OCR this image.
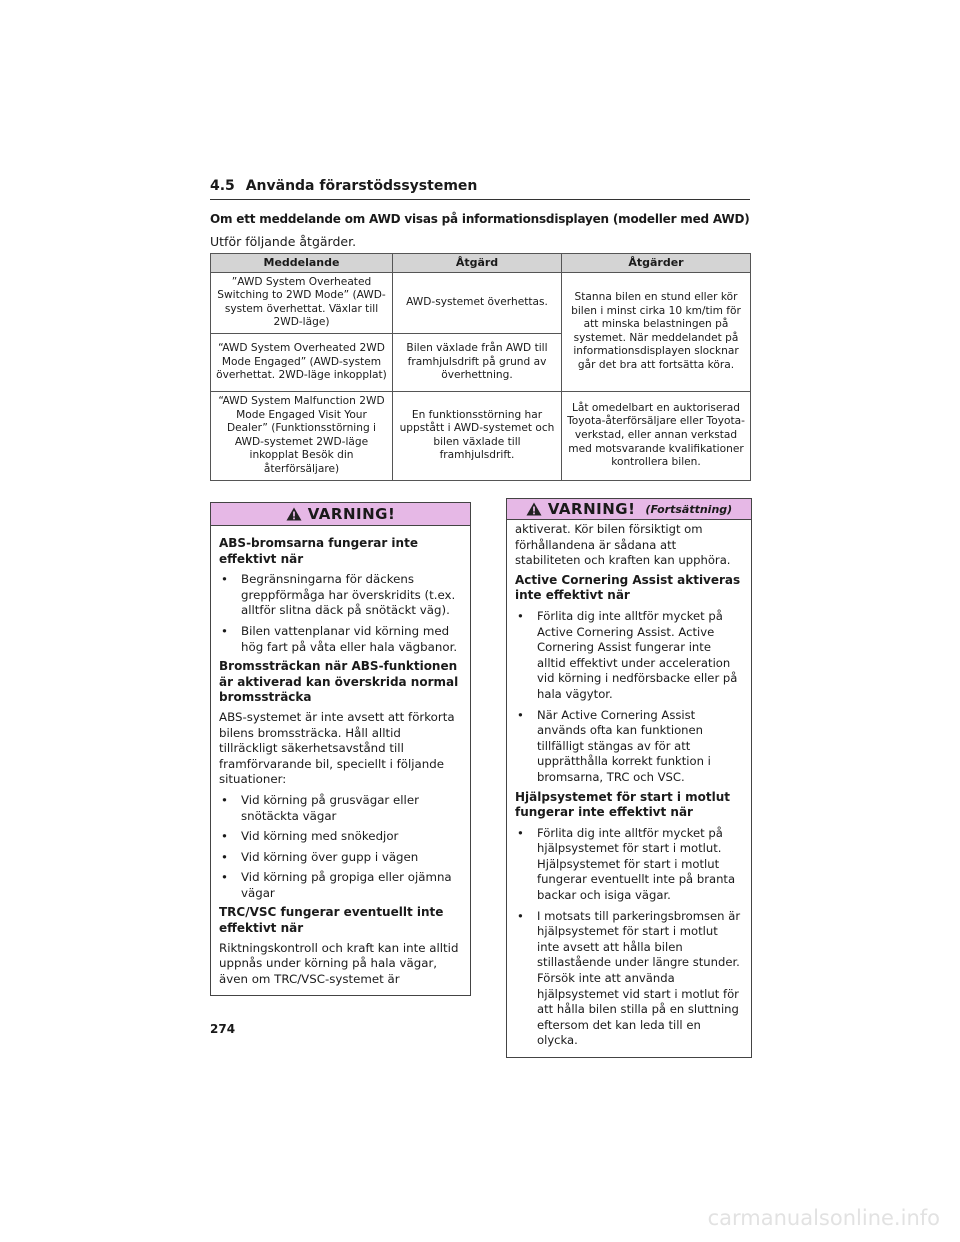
4.5 Använda förarstödssystemen
Om ett meddelande om AWD visas på informationsdisplayen (modeller med AWD)
Utför följande åtgärder.
Meddelande	Åtgärd	Åtgärder
”AWD System Overheated Switching to 2WD Mode” (AWD-system överhettat. Växlar till 2WD-läge)	AWD-systemet överhettas.	Stanna bilen en stund eller kör bilen i minst cirka 10 km/tim för att minska belastningen på systemet. När meddelandet på informationsdisplayen slocknar går det bra att fortsätta köra.
“AWD System Overheated 2WD Mode Engaged” (AWD-system överhettat. 2WD-läge inkopplat)	Bilen växlade från AWD till framhjulsdrift på grund av överhettning.	
“AWD System Malfunction 2WD Mode Engaged Visit Your Dealer” (Funktionsstörning i AWD-systemet 2WD-läge inkopplat Besök din återförsäljare)	En funktionsstörning har uppstått i AWD-systemet och bilen växlade till framhjulsdrift.	Låt omedelbart en auktoriserad Toyota-återförsäljare eller Toyota-verkstad, eller annan verkstad med motsvarande kvalifikationer kontrollera bilen.
VARNING!
ABS-bromsarna fungerar inte effektivt när
• Begränsningarna för däckens greppförmåga har överskridits (t.ex. alltför slitna däck på snötäckt väg).
• Bilen vattenplanar vid körning med hög fart på våta eller hala vägbanor.
Bromssträckan när ABS-funktionen är aktiverad kan överskrida normal bromssträcka

ABS-systemet är inte avsett att förkorta bilens bromssträcka. Håll alltid tillräckligt säkerhetsavstånd till framförvarande bil, speciellt i följande situationer:

• Vid körning på grusvägar eller snötäckta vägar
• Vid körning med snökedjor
• Vid körning över gupp i vägen
• Vid körning på gropiga eller ojämna vägar
TRC/VSC fungerar eventuellt inte effektivt när

Riktningskontroll och kraft kan inte alltid uppnås under körning på hala vägar, även om TRC/VSC-systemet är

VARNING! (Fortsättning)

aktiverat. Kör bilen försiktigt om förhållandena är sådana att stabiliteten och kraften kan upphöra.

Active Cornering Assist aktiveras inte effektivt när
• Förlita dig inte alltför mycket på Active Cornering Assist. Active Cornering Assist fungerar inte alltid effektivt under acceleration vid körning i nedförsbacke eller på hala vägytor.
• När Active Cornering Assist används ofta kan funktionen tillfälligt stängas av för att upprätthålla korrekt funktion i bromsarna, TRC och VSC.
Hjälpsystemet för start i motlut fungerar inte effektivt när
• Förlita dig inte alltför mycket på hjälpsystemet för start i motlut. Hjälpsystemet för start i motlut fungerar eventuellt inte på branta backar och isiga vägar.
• I motsats till parkeringsbromsen är hjälpsystemet för start i motlut inte avsett att hålla bilen stillastående under längre stunder. Försök inte att använda hjälpsystemet vid start i motlut för att hålla bilen stilla på en sluttning eftersom det kan leda till en olycka.
274
carmanualsonline.info
